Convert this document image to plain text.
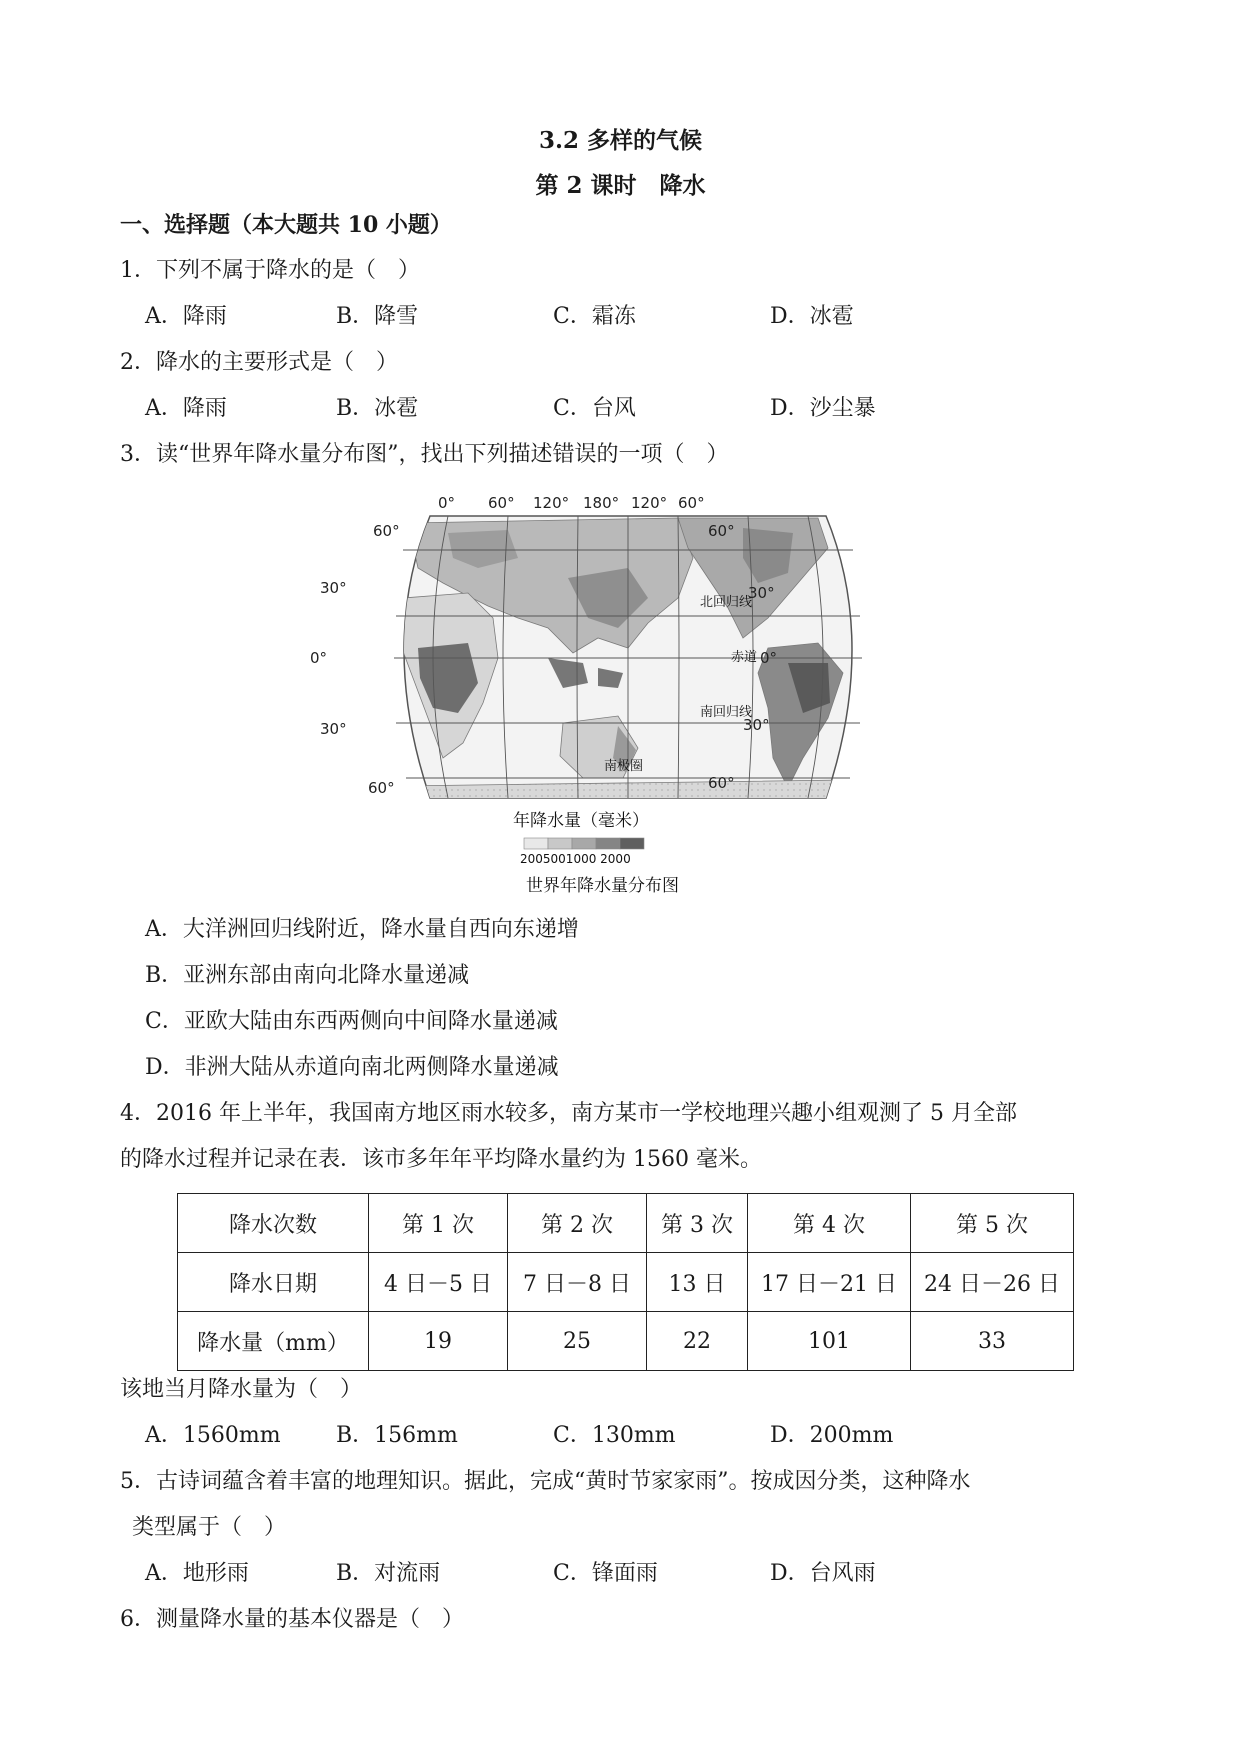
3.2 多样的气候
第 2 课时　降水
一、选择题（本大题共 10 小题）
1．下列不属于降水的是（　）
A．降雨	B．降雪	C．霜冻	D．冰雹
2．降水的主要形式是（　）
A．降雨	B．冰雹	C．台风	D．沙尘暴
3．读“世界年降水量分布图”，找出下列描述错误的一项（　）
0° 60° 120° 180° 120° 60°
60°
30°
0°
30°
60°
60°
30°
0°
30°
60°
北回归线
赤道
南回归线
南极圈
年降水量（毫米）
2005001000 2000
世界年降水量分布图
A．大洋洲回归线附近，降水量自西向东递增
B．亚洲东部由南向北降水量递减
C．亚欧大陆由东西两侧向中间降水量递减
D．非洲大陆从赤道向南北两侧降水量递减
4．2016 年上半年，我国南方地区雨水较多，南方某市一学校地理兴趣小组观测了 5 月全部
的降水过程并记录在表．该市多年年平均降水量约为 1560 毫米。
降水次数	第 1 次	第 2 次	第 3 次	第 4 次	第 5 次
降水日期	4 日－5 日	7 日－8 日	13 日	17 日－21 日	24 日－26 日
降水量（mm）	19	25	22	101	33
该地当月降水量为（　）
A．1560mm	B．156mm	C．130mm	D．200mm
5．古诗词蕴含着丰富的地理知识。据此，完成“黄时节家家雨”。按成因分类，这种降水
类型属于（　）
A．地形雨	B．对流雨	C．锋面雨	D．台风雨
6．测量降水量的基本仪器是（　）
